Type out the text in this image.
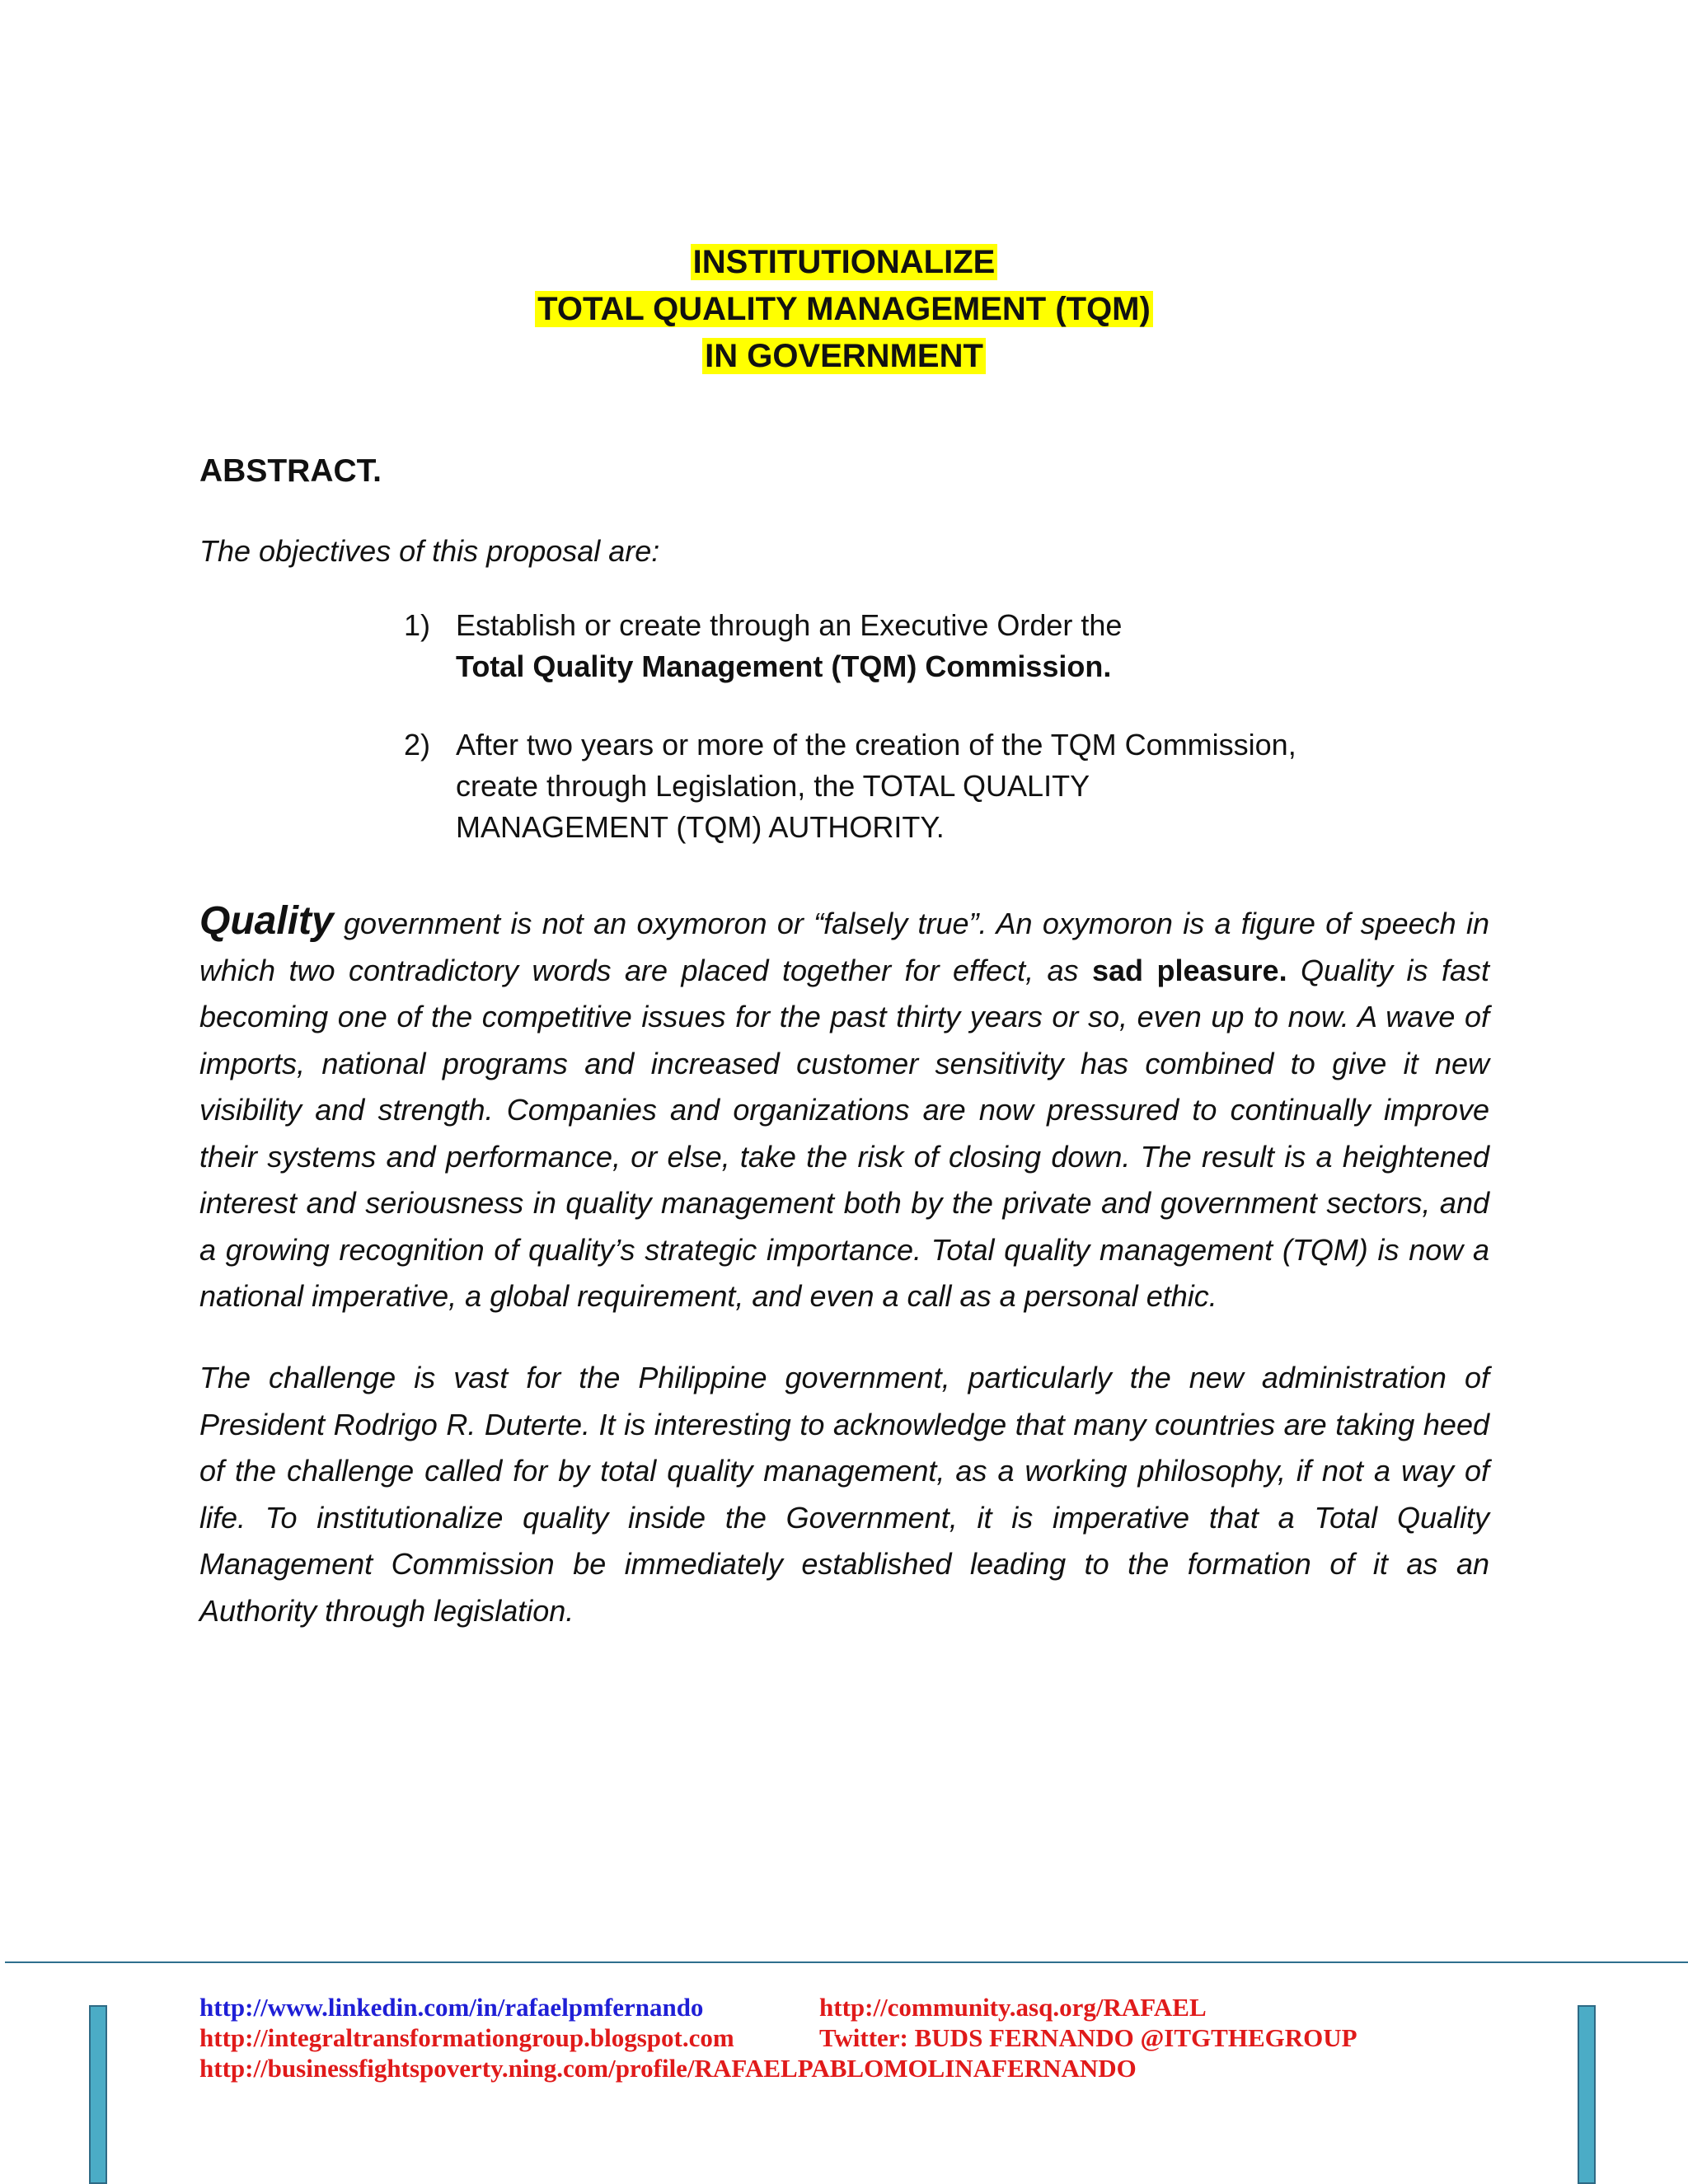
INSTITUTIONALIZE
TOTAL QUALITY MANAGEMENT (TQM)
IN GOVERNMENT
ABSTRACT.

The objectives of this proposal are:

1) Establish or create through an Executive Order the
Total Quality Management (TQM) Commission.
2) After two years or more of the creation of the TQM Commission,
create through Legislation, the TOTAL QUALITY
MANAGEMENT (TQM) AUTHORITY.

Quality government is not an oxymoron or “falsely true”. An oxymoron is a figure of speech in which two contradictory words are placed together for effect, as sad pleasure. Quality is fast becoming one of the competitive issues for the past thirty years or so, even up to now. A wave of imports, national programs and increased customer sensitivity has combined to give it new visibility and strength. Companies and organizations are now pressured to continually improve their systems and performance, or else, take the risk of closing down. The result is a heightened interest and seriousness in quality management both by the private and government sectors, and a growing recognition of quality’s strategic importance. Total quality management (TQM) is now a national imperative, a global requirement, and even a call as a personal ethic.

The challenge is vast for the Philippine government, particularly the new administration of President Rodrigo R. Duterte. It is interesting to acknowledge that many countries are taking heed of the challenge called for by total quality management, as a working philosophy, if not a way of life. To institutionalize quality inside the Government, it is imperative that a Total Quality Management Commission be immediately established leading to the formation of it as an Authority through legislation.

http://www.linkedin.com/in/rafaelpmfernando	http://community.asq.org/RAFAEL
http://integraltransformationgroup.blogspot.com	Twitter: BUDS FERNANDO @ITGTHEGROUP
http://businessfightspoverty.ning.com/profile/RAFAELPABLOMOLINAFERNANDO
